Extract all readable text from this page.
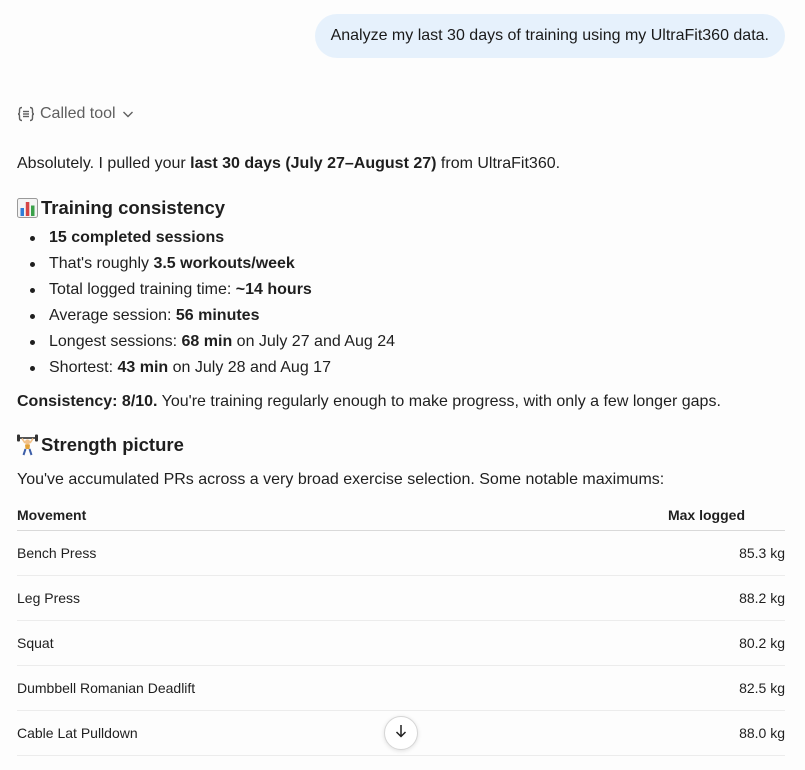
Analyze my last 30 days of training using my UltraFit360 data.
Called tool

Absolutely. I pulled your last 30 days (July 27–August 27) from UltraFit360.

Training consistency
15 completed sessions
That's roughly 3.5 workouts/week
Total logged training time: ~14 hours
Average session: 56 minutes
Longest sessions: 68 min on July 27 and Aug 24
Shortest: 43 min on July 28 and Aug 17

Consistency: 8/10. You're training regularly enough to make progress, with only a few longer gaps.

Strength picture

You've accumulated PRs across a very broad exercise selection. Some notable maximums:

Movement	Max logged
Bench Press	85.3 kg
Leg Press	88.2 kg
Squat	80.2 kg
Dumbbell Romanian Deadlift	82.5 kg
Cable Lat Pulldown	88.0 kg
